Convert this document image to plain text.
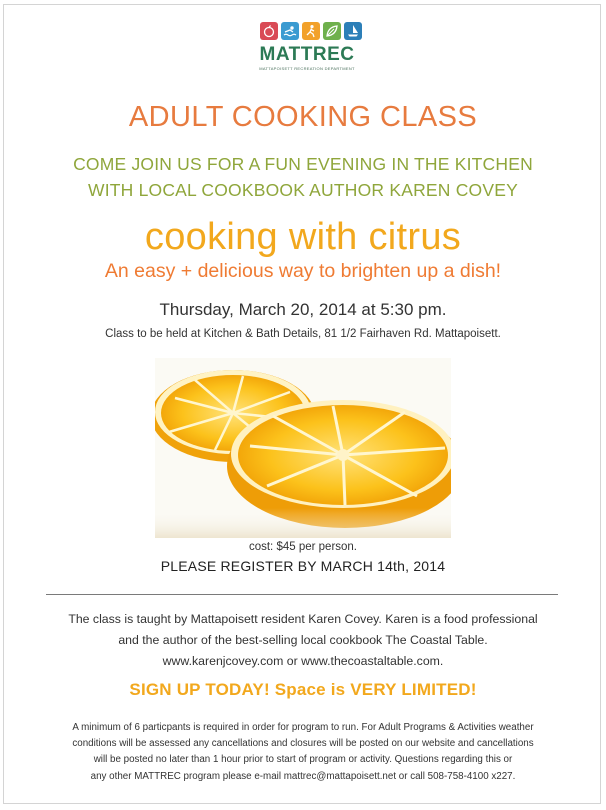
MATTREC
MATTAPOISETT RECREATION DEPARTMENT
ADULT COOKING CLASS
COME JOIN US FOR A FUN EVENING IN THE KITCHEN
WITH LOCAL COOKBOOK AUTHOR KAREN COVEY
cooking with citrus
An easy + delicious way to brighten up a dish!
Thursday, March 20, 2014 at 5:30 pm.
Class to be held at Kitchen & Bath Details, 81 1/2 Fairhaven Rd. Mattapoisett.
cost: $45 per person.
PLEASE REGISTER BY MARCH 14th, 2014
The class is taught by Mattapoisett resident Karen Covey. Karen is a food professional
and the author of the best-selling local cookbook The Coastal Table.
www.karenjcovey.com or www.thecoastaltable.com.
SIGN UP TODAY! Space is VERY LIMITED!
A minimum of 6 particpants is required in order for program to run. For Adult Programs & Activities weather
conditions will be assessed any cancellations and closures will be posted on our website and cancellations
will be posted no later than 1 hour prior to start of program or activity. Questions regarding this or
any other MATTREC program please e-mail mattrec@mattapoisett.net or call 508-758-4100 x227.
